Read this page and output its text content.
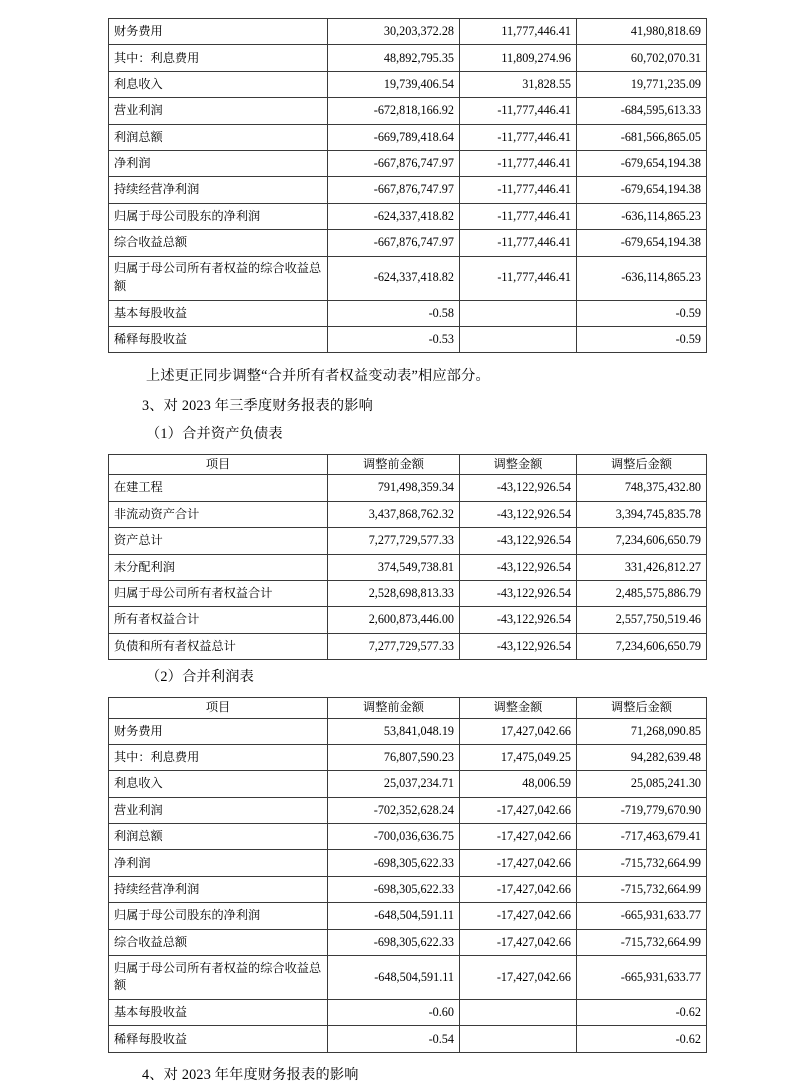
财务费用	30,203,372.28	11,777,446.41	41,980,818.69
其中：利息费用	48,892,795.35	11,809,274.96	60,702,070.31
利息收入	19,739,406.54	31,828.55	19,771,235.09
营业利润	-672,818,166.92	-11,777,446.41	-684,595,613.33
利润总额	-669,789,418.64	-11,777,446.41	-681,566,865.05
净利润	-667,876,747.97	-11,777,446.41	-679,654,194.38
持续经营净利润	-667,876,747.97	-11,777,446.41	-679,654,194.38
归属于母公司股东的净利润	-624,337,418.82	-11,777,446.41	-636,114,865.23
综合收益总额	-667,876,747.97	-11,777,446.41	-679,654,194.38
归属于母公司所有者权益的综合收益总额	-624,337,418.82	-11,777,446.41	-636,114,865.23
基本每股收益	-0.58		-0.59
稀释每股收益	-0.53		-0.59

上述更正同步调整“合并所有者权益变动表”相应部分。

3、对 2023 年三季度财务报表的影响

（1）合并资产负债表

项目	调整前金额	调整金额	调整后金额
在建工程	791,498,359.34	-43,122,926.54	748,375,432.80
非流动资产合计	3,437,868,762.32	-43,122,926.54	3,394,745,835.78
资产总计	7,277,729,577.33	-43,122,926.54	7,234,606,650.79
未分配利润	374,549,738.81	-43,122,926.54	331,426,812.27
归属于母公司所有者权益合计	2,528,698,813.33	-43,122,926.54	2,485,575,886.79
所有者权益合计	2,600,873,446.00	-43,122,926.54	2,557,750,519.46
负债和所有者权益总计	7,277,729,577.33	-43,122,926.54	7,234,606,650.79

（2）合并利润表

项目	调整前金额	调整金额	调整后金额
财务费用	53,841,048.19	17,427,042.66	71,268,090.85
其中：利息费用	76,807,590.23	17,475,049.25	94,282,639.48
利息收入	25,037,234.71	48,006.59	25,085,241.30
营业利润	-702,352,628.24	-17,427,042.66	-719,779,670.90
利润总额	-700,036,636.75	-17,427,042.66	-717,463,679.41
净利润	-698,305,622.33	-17,427,042.66	-715,732,664.99
持续经营净利润	-698,305,622.33	-17,427,042.66	-715,732,664.99
归属于母公司股东的净利润	-648,504,591.11	-17,427,042.66	-665,931,633.77
综合收益总额	-698,305,622.33	-17,427,042.66	-715,732,664.99
归属于母公司所有者权益的综合收益总额	-648,504,591.11	-17,427,042.66	-665,931,633.77
基本每股收益	-0.60		-0.62
稀释每股收益	-0.54		-0.62

4、对 2023 年年度财务报表的影响
